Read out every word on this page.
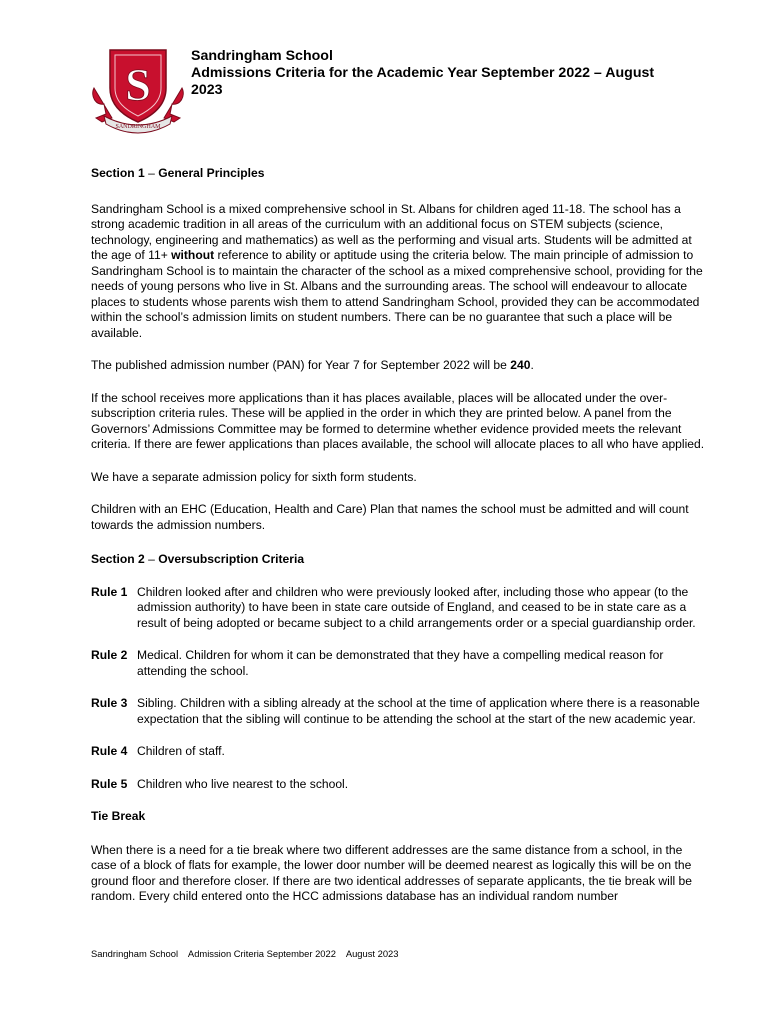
S
SANDRINGHAM
Sandringham School
Admissions Criteria for the Academic Year September 2022 – August
2023
Section 1 – General Principles

Sandringham School is a mixed comprehensive school in St. Albans for children aged 11-18. The school has a strong academic tradition in all areas of the curriculum with an additional focus on STEM subjects (science, technology, engineering and mathematics) as well as the performing and visual arts. Students will be admitted at the age of 11+ without reference to ability or aptitude using the criteria below. The main principle of admission to Sandringham School is to maintain the character of the school as a mixed comprehensive school, providing for the needs of young persons who live in St. Albans and the surrounding areas. The school will endeavour to allocate places to students whose parents wish them to attend Sandringham School, provided they can be accommodated within the school’s admission limits on student numbers. There can be no guarantee that such a place will be available.

The published admission number (PAN) for Year 7 for September 2022 will be 240.

If the school receives more applications than it has places available, places will be allocated under the over-subscription criteria rules. These will be applied in the order in which they are printed below. A panel from the Governors’ Admissions Committee may be formed to determine whether evidence provided meets the relevant criteria. If there are fewer applications than places available, the school will allocate places to all who have applied.

We have a separate admission policy for sixth form students.

Children with an EHC (Education, Health and Care) Plan that names the school must be admitted and will count towards the admission numbers.

Section 2 – Oversubscription Criteria
Rule 1 Children looked after and children who were previously looked after, including those who appear (to the admission authority) to have been in state care outside of England, and ceased to be in state care as a result of being adopted or became subject to a child arrangements order or a special guardianship order.
Rule 2 Medical. Children for whom it can be demonstrated that they have a compelling medical reason for attending the school.
Rule 3 Sibling. Children with a sibling already at the school at the time of application where there is a reasonable expectation that the sibling will continue to be attending the school at the start of the new academic year.
Rule 4 Children of staff.
Rule 5 Children who live nearest to the school.
Tie Break

When there is a need for a tie break where two different addresses are the same distance from a school, in the case of a block of flats for example, the lower door number will be deemed nearest as logically this will be on the ground floor and therefore closer. If there are two identical addresses of separate applicants, the tie break will be random. Every child entered onto the HCC admissions database has an individual random number

Sandringham School    Admission Criteria September 2022    August 2023
